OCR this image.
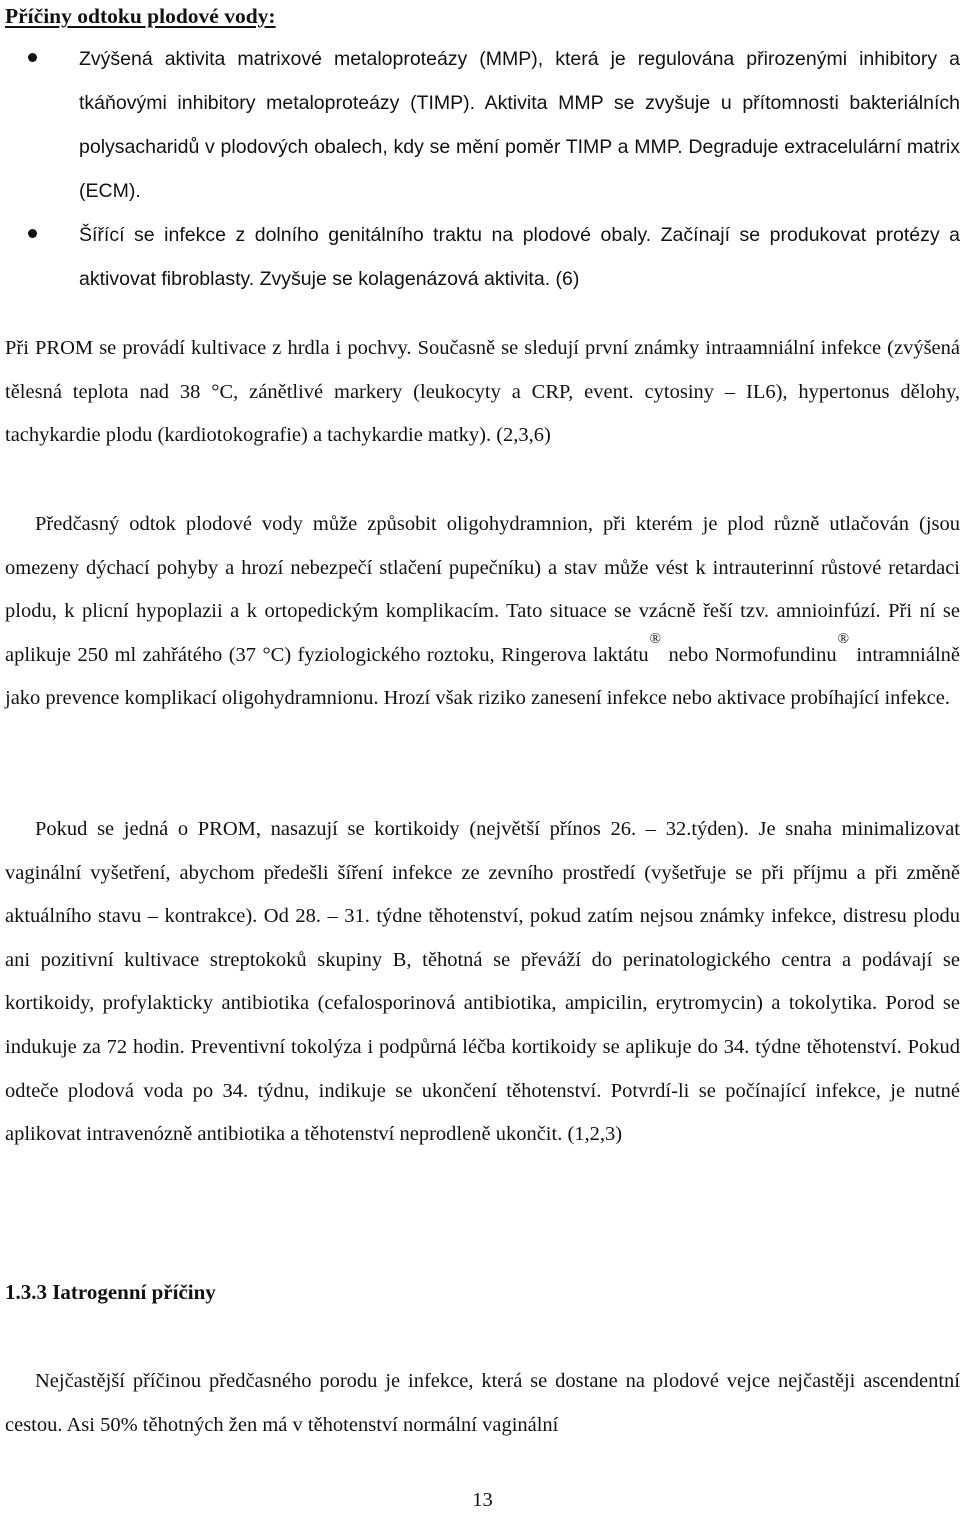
Příčiny odtoku plodové vody:
Zvýšená aktivita matrixové metaloproteázy (MMP), která je regulována přirozenými inhibitory a tkáňovými inhibitory metaloproteázy (TIMP). Aktivita MMP se zvyšuje u přítomnosti bakteriálních polysacharidů v plodových obalech, kdy se mění poměr TIMP a MMP. Degraduje extracelulární matrix (ECM).
Šířící se infekce z dolního genitálního traktu na plodové obaly. Začínají se produkovat protézy a aktivovat fibroblasty. Zvyšuje se kolagenázová aktivita. (6)
Při PROM se provádí kultivace z hrdla i pochvy. Současně se sledují první známky intraamniální infekce (zvýšená tělesná teplota nad 38 °C, zánětlivé markery (leukocyty a CRP, event. cytosiny – IL6), hypertonus dělohy, tachykardie plodu (kardiotokografie) a tachykardie matky). (2,3,6)
Předčasný odtok plodové vody může způsobit oligohydramnion, při kterém je plod různě utlačován (jsou omezeny dýchací pohyby a hrozí nebezpečí stlačení pupečníku) a stav může vést k intrauterinní růstové retardaci plodu, k plicní hypoplazii a k ortopedickým komplikacím. Tato situace se vzácně řeší tzv. amnioinfúzí. Při ní se aplikuje 250 ml zahřátého (37 °C) fyziologického roztoku, Ringerova laktátu® nebo Normofundinu® intramniálně jako prevence komplikací oligohydramnionu. Hrozí však riziko zanesení infekce nebo aktivace probíhající infekce.
Pokud se jedná o PROM, nasazují se kortikoidy (největší přínos 26. – 32.týden). Je snaha minimalizovat vaginální vyšetření, abychom předešli šíření infekce ze zevního prostředí (vyšetřuje se při příjmu a při změně aktuálního stavu – kontrakce). Od 28. – 31. týdne těhotenství, pokud zatím nejsou známky infekce, distresu plodu ani pozitivní kultivace streptokoků skupiny B, těhotná se převáží do perinatologického centra a podávají se kortikoidy, profylakticky antibiotika (cefalosporinová antibiotika, ampicilin, erytromycin) a tokolytika. Porod se indukuje za 72 hodin. Preventivní tokolýza i podpůrná léčba kortikoidy se aplikuje do 34. týdne těhotenství. Pokud odteče plodová voda po 34. týdnu, indikuje se ukončení těhotenství. Potvrdí-li se počínající infekce, je nutné aplikovat intravenózně antibiotika a těhotenství neprodleně ukončit. (1,2,3)
1.3.3 Iatrogenní příčiny
Nejčastější příčinou předčasného porodu je infekce, která se dostane na plodové vejce nejčastěji ascendentní cestou. Asi 50% těhotných žen má v těhotenství normální vaginální
13
